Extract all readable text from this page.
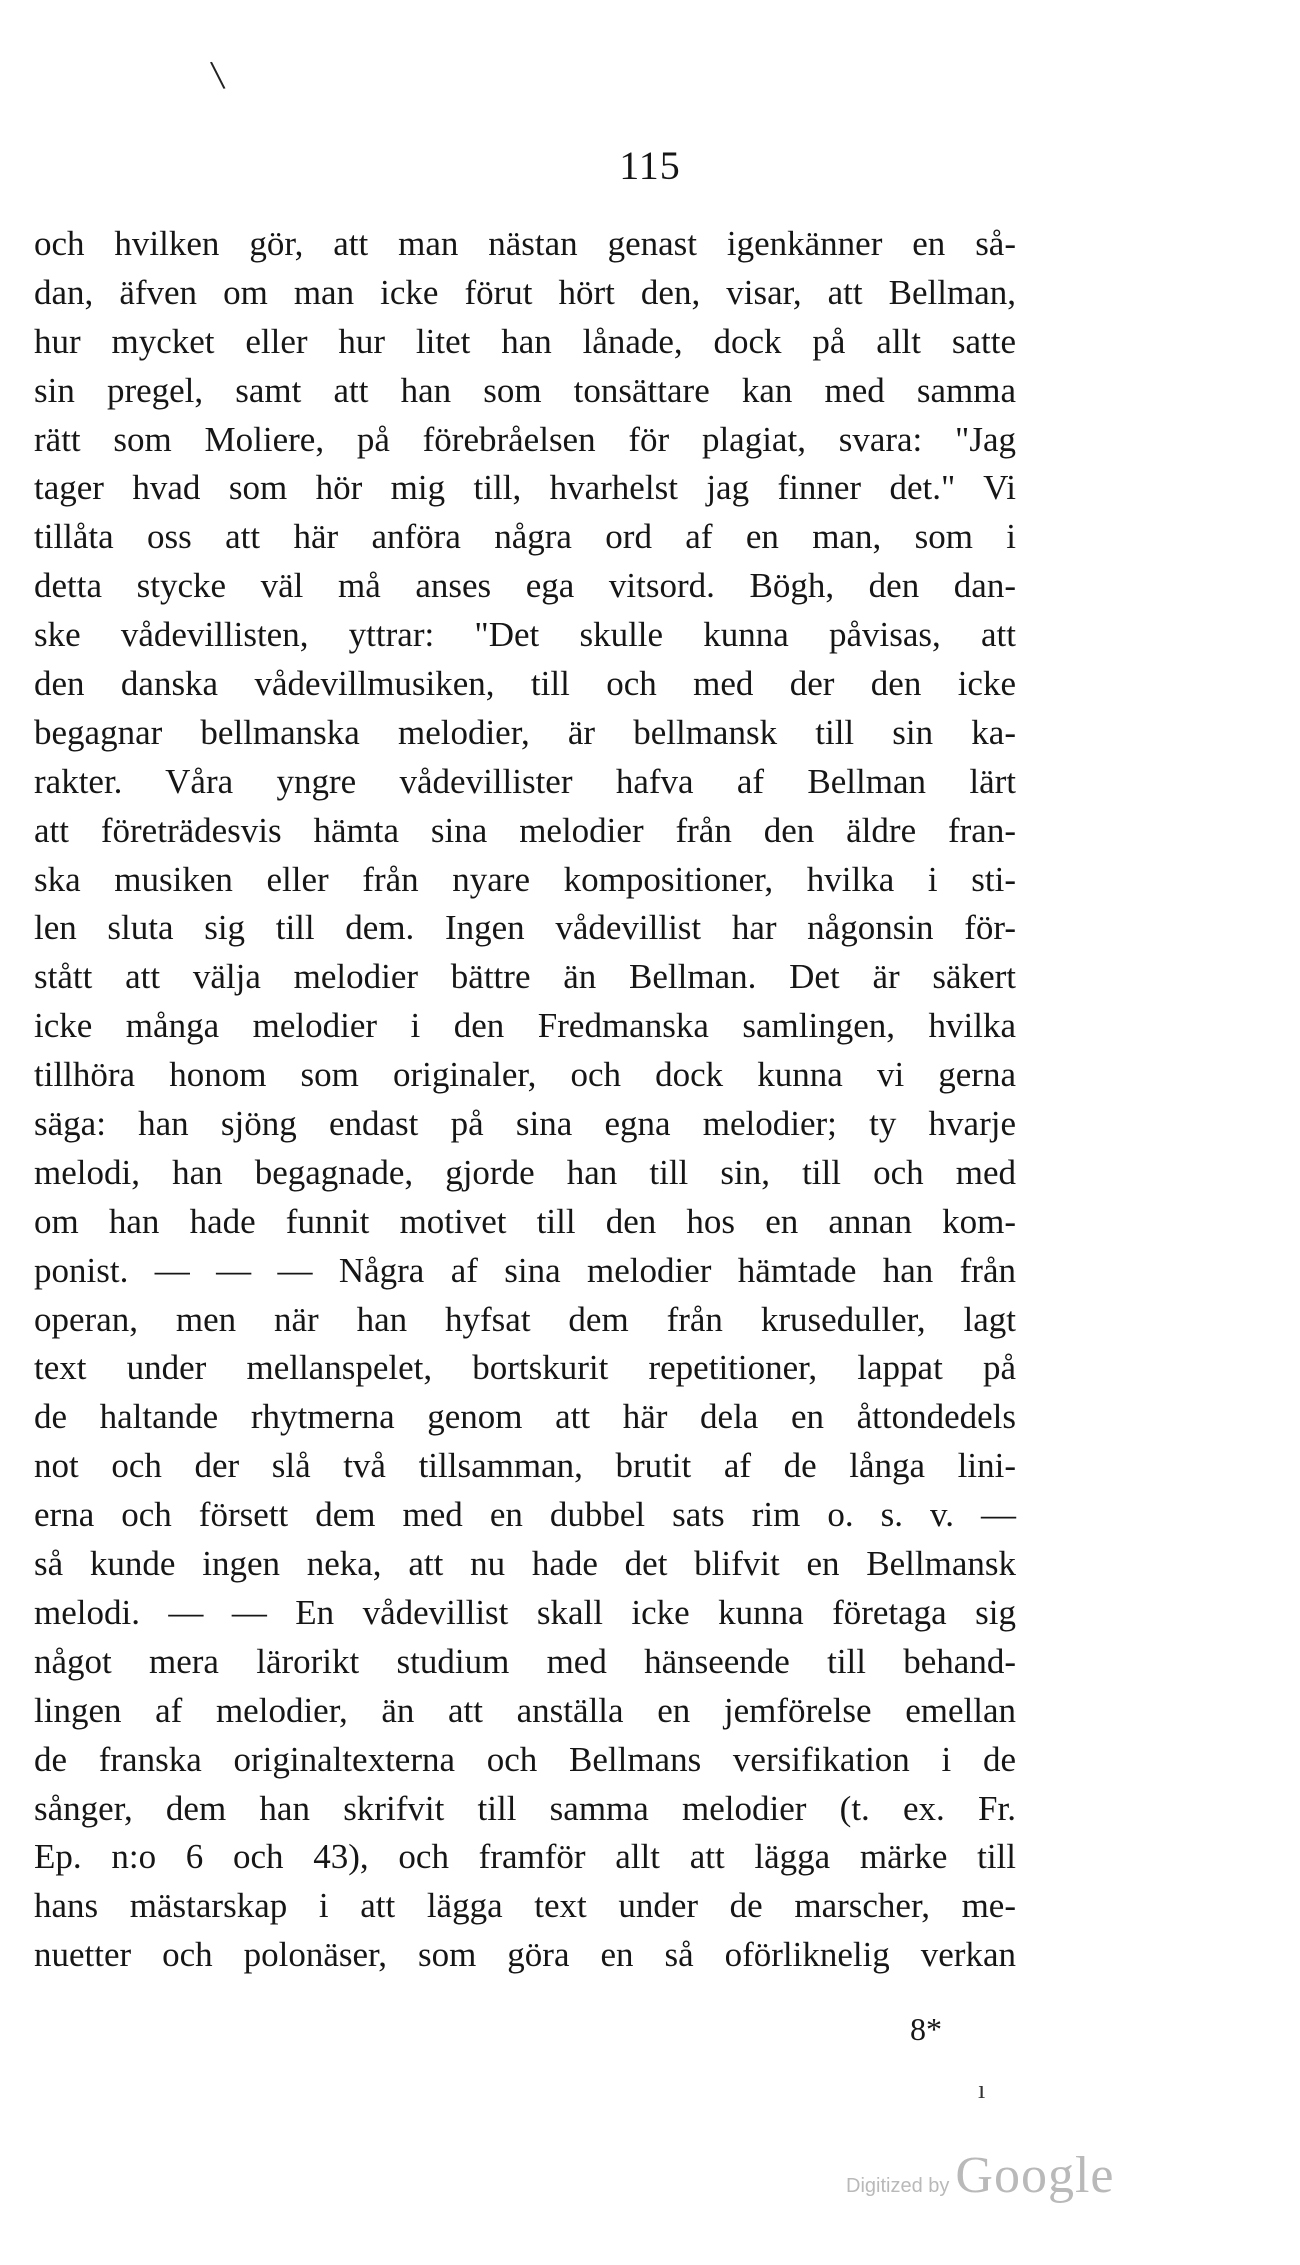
\
115
och hvilken gör, att man nästan genast igenkänner en så-
dan, äfven om man icke förut hört den, visar, att Bellman,
hur mycket eller hur litet han lånade, dock på allt satte
sin pregel, samt att han som tonsättare kan med samma
rätt som Moliere, på förebråelsen för plagiat, svara: "Jag
tager hvad som hör mig till, hvarhelst jag finner det." Vi
tillåta oss att här anföra några ord af en man, som i
detta stycke väl må anses ega vitsord. Bögh, den dan-
ske vådevillisten, yttrar: "Det skulle kunna påvisas, att
den danska vådevillmusiken, till och med der den icke
begagnar bellmanska melodier, är bellmansk till sin ka-
rakter. Våra yngre vådevillister hafva af Bellman lärt
att företrädesvis hämta sina melodier från den äldre fran-
ska musiken eller från nyare kompositioner, hvilka i sti-
len sluta sig till dem. Ingen vådevillist har någonsin för-
stått att välja melodier bättre än Bellman. Det är säkert
icke många melodier i den Fredmanska samlingen, hvilka
tillhöra honom som originaler, och dock kunna vi gerna
säga: han sjöng endast på sina egna melodier; ty hvarje
melodi, han begagnade, gjorde han till sin, till och med
om han hade funnit motivet till den hos en annan kom-
ponist. — — — Några af sina melodier hämtade han från
operan, men när han hyfsat dem från kruseduller, lagt
text under mellanspelet, bortskurit repetitioner, lappat på
de haltande rhytmerna genom att här dela en åttondedels
not och der slå två tillsamman, brutit af de långa lini-
erna och försett dem med en dubbel sats rim o. s. v. —
så kunde ingen neka, att nu hade det blifvit en Bellmansk
melodi. — — En vådevillist skall icke kunna företaga sig
något mera lärorikt studium med hänseende till behand-
lingen af melodier, än att anställa en jemförelse emellan
de franska originaltexterna och Bellmans versifikation i de
sånger, dem han skrifvit till samma melodier (t. ex. Fr.
Ep. n:o 6 och 43), och framför allt att lägga märke till
hans mästarskap i att lägga text under de marscher, me-
nuetter och polonäser, som göra en så oförliknelig verkan
8*
ı
Digitized by Google
